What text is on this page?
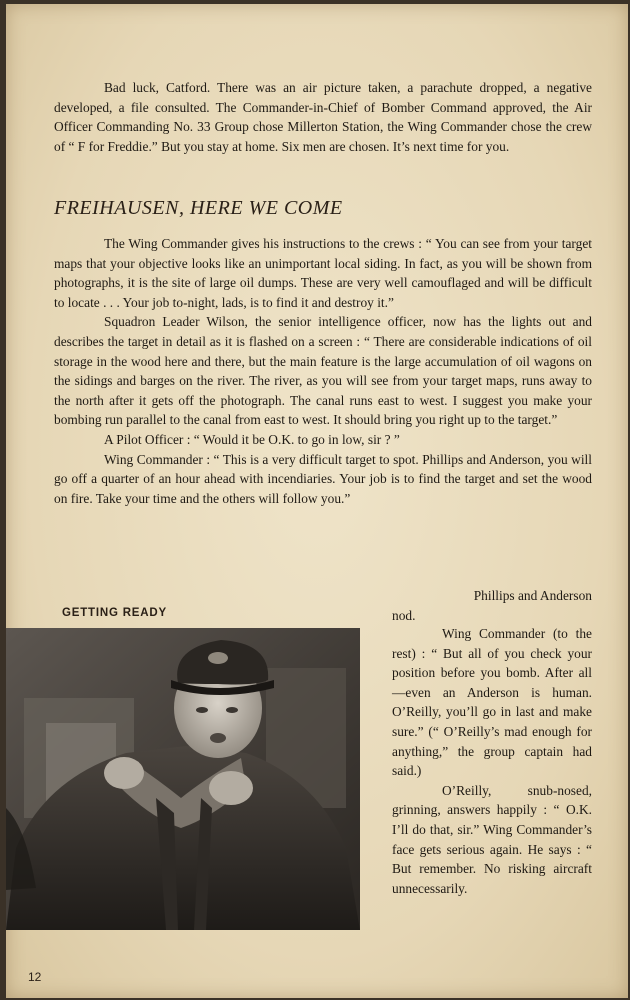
Bad luck, Catford. There was an air picture taken, a parachute dropped, a negative developed, a file consulted. The Commander-in-Chief of Bomber Command approved, the Air Officer Commanding No. 33 Group chose Millerton Station, the Wing Commander chose the crew of “ F for Freddie.” But you stay at home. Six men are chosen. It’s next time for you.

FREIHAUSEN, HERE WE COME

The Wing Commander gives his instructions to the crews : “ You can see from your target maps that your objective looks like an unimportant local siding. In fact, as you will be shown from photographs, it is the site of large oil dumps. These are very well camouflaged and will be difficult to locate . . . Your job to-night, lads, is to find it and destroy it.”

Squadron Leader Wilson, the senior intelligence officer, now has the lights out and describes the target in detail as it is flashed on a screen : “ There are considerable indications of oil storage in the wood here and there, but the main feature is the large accumulation of oil wagons on the sidings and barges on the river. The river, as you will see from your target maps, runs away to the north after it gets off the photograph. The canal runs east to west. I suggest you make your bombing run parallel to the canal from east to west. It should bring you right up to the target.”

A Pilot Officer : “ Would it be O.K. to go in low, sir ? ”

Wing Commander : “ This is a very difficult target to spot. Phillips and Anderson, you will go off a quarter of an hour ahead with incendiaries. Your job is to find the target and set the wood on fire. Take your time and the others will follow you.”

Phillips and Anderson
nod.
GETTING READY

Wing Commander (to the rest) : “ But all of you check your position before you bomb. After all—even an Anderson is human. O’Reilly, you’ll go in last and make sure.” (“ O’Reilly’s mad enough for anything,” the group captain had said.)

O’Reilly, snub-nosed, grinning, answers happily : “ O.K. I’ll do that, sir.” Wing Commander’s face gets serious again. He says : “ But remember. No risking aircraft unnecessarily.

12
